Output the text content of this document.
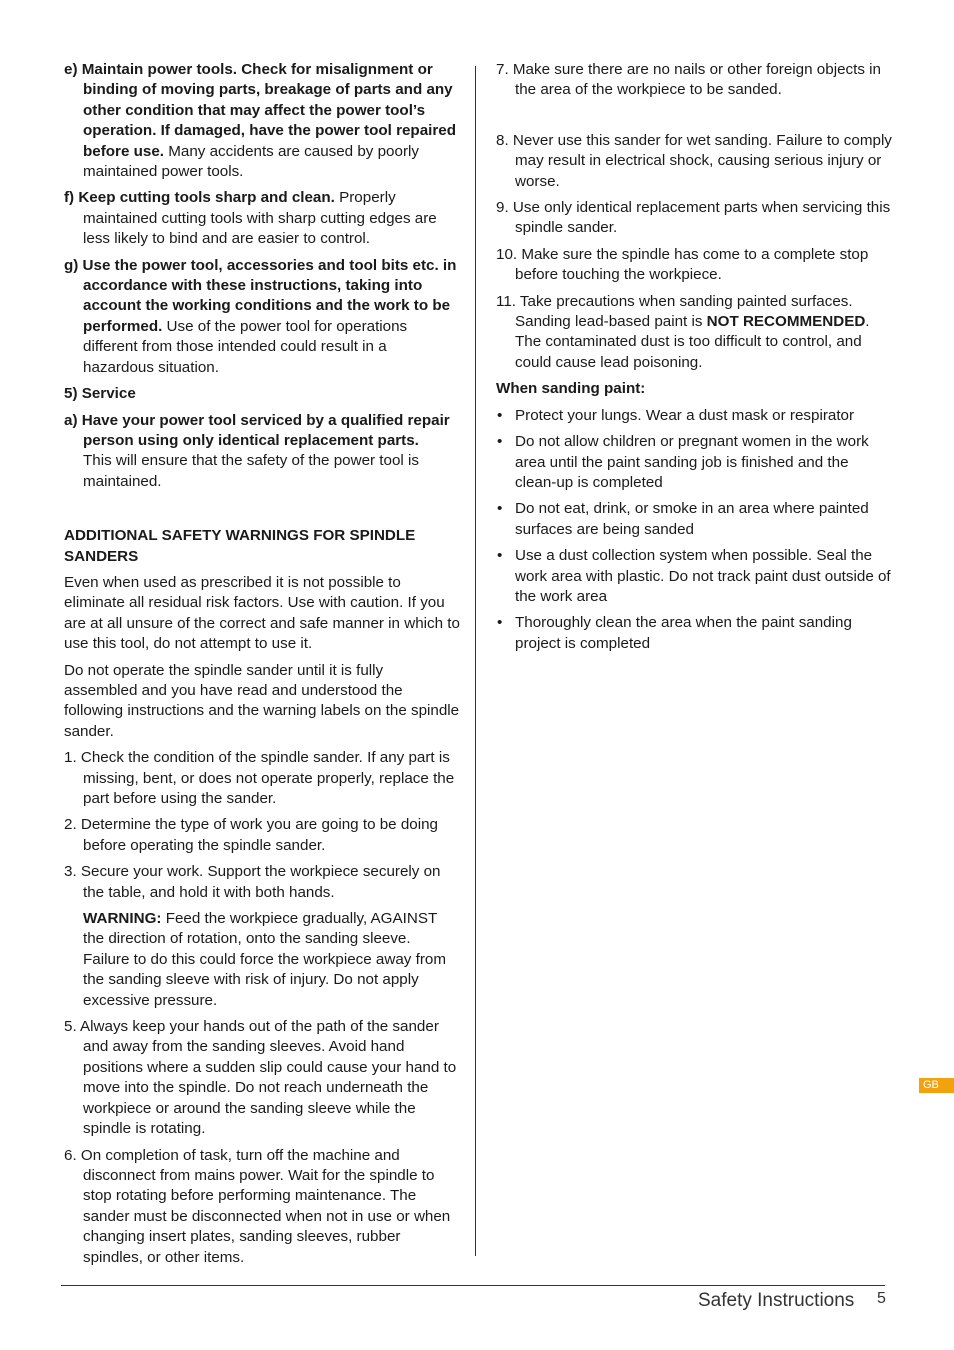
e) Maintain power tools. Check for misalignment or binding of moving parts, breakage of parts and any other condition that may affect the power tool’s operation. If damaged, have the power tool repaired before use. Many accidents are caused by poorly maintained power tools.

f) Keep cutting tools sharp and clean. Properly maintained cutting tools with sharp cutting edges are less likely to bind and are easier to control.

g) Use the power tool, accessories and tool bits etc. in accordance with these instructions, taking into account the working conditions and the work to be performed. Use of the power tool for operations different from those intended could result in a hazardous situation.

5) Service

a) Have your power tool serviced by a qualified repair person using only identical replacement parts.

This will ensure that the safety of the power tool is maintained.

ADDITIONAL SAFETY WARNINGS FOR SPINDLE SANDERS

Even when used as prescribed it is not possible to eliminate all residual risk factors. Use with caution. If you are at all unsure of the correct and safe manner in which to use this tool, do not attempt to use it.

Do not operate the spindle sander until it is fully assembled and you have read and understood the following instructions and the warning labels on the spindle sander.

1. Check the condition of the spindle sander. If any part is missing, bent, or does not operate properly, replace the part before using the sander.

2. Determine the type of work you are going to be doing before operating the spindle sander.

3. Secure your work. Support the workpiece securely on the table, and hold it with both hands.

WARNING: Feed the workpiece gradually, AGAINST the direction of rotation, onto the sanding sleeve. Failure to do this could force the workpiece away from the sanding sleeve with risk of injury. Do not apply excessive pressure.

5. Always keep your hands out of the path of the sander and away from the sanding sleeves. Avoid hand positions where a sudden slip could cause your hand to move into the spindle. Do not reach underneath the workpiece or around the sanding sleeve while the spindle is rotating.

6. On completion of task, turn off the machine and disconnect from mains power. Wait for the spindle to stop rotating before performing maintenance. The sander must be disconnected when not in use or when changing insert plates, sanding sleeves, rubber spindles, or other items.

7. Make sure there are no nails or other foreign objects in the area of the workpiece to be sanded.

8. Never use this sander for wet sanding. Failure to comply may result in electrical shock, causing serious injury or worse.

9. Use only identical replacement parts when servicing this spindle sander.

10. Make sure the spindle has come to a complete stop before touching the workpiece.

11. Take precautions when sanding painted surfaces. Sanding lead-based paint is NOT RECOMMENDED. The contaminated dust is too difficult to control, and could cause lead poisoning.

When sanding paint:

• Protect your lungs. Wear a dust mask or respirator

• Do not allow children or pregnant women in the work area until the paint sanding job is finished and the clean-up is completed

• Do not eat, drink, or smoke in an area where painted surfaces are being sanded

• Use a dust collection system when possible. Seal the work area with plastic. Do not track paint dust outside of the work area

• Thoroughly clean the area when the paint sanding project is completed

GB
Safety Instructions 5
